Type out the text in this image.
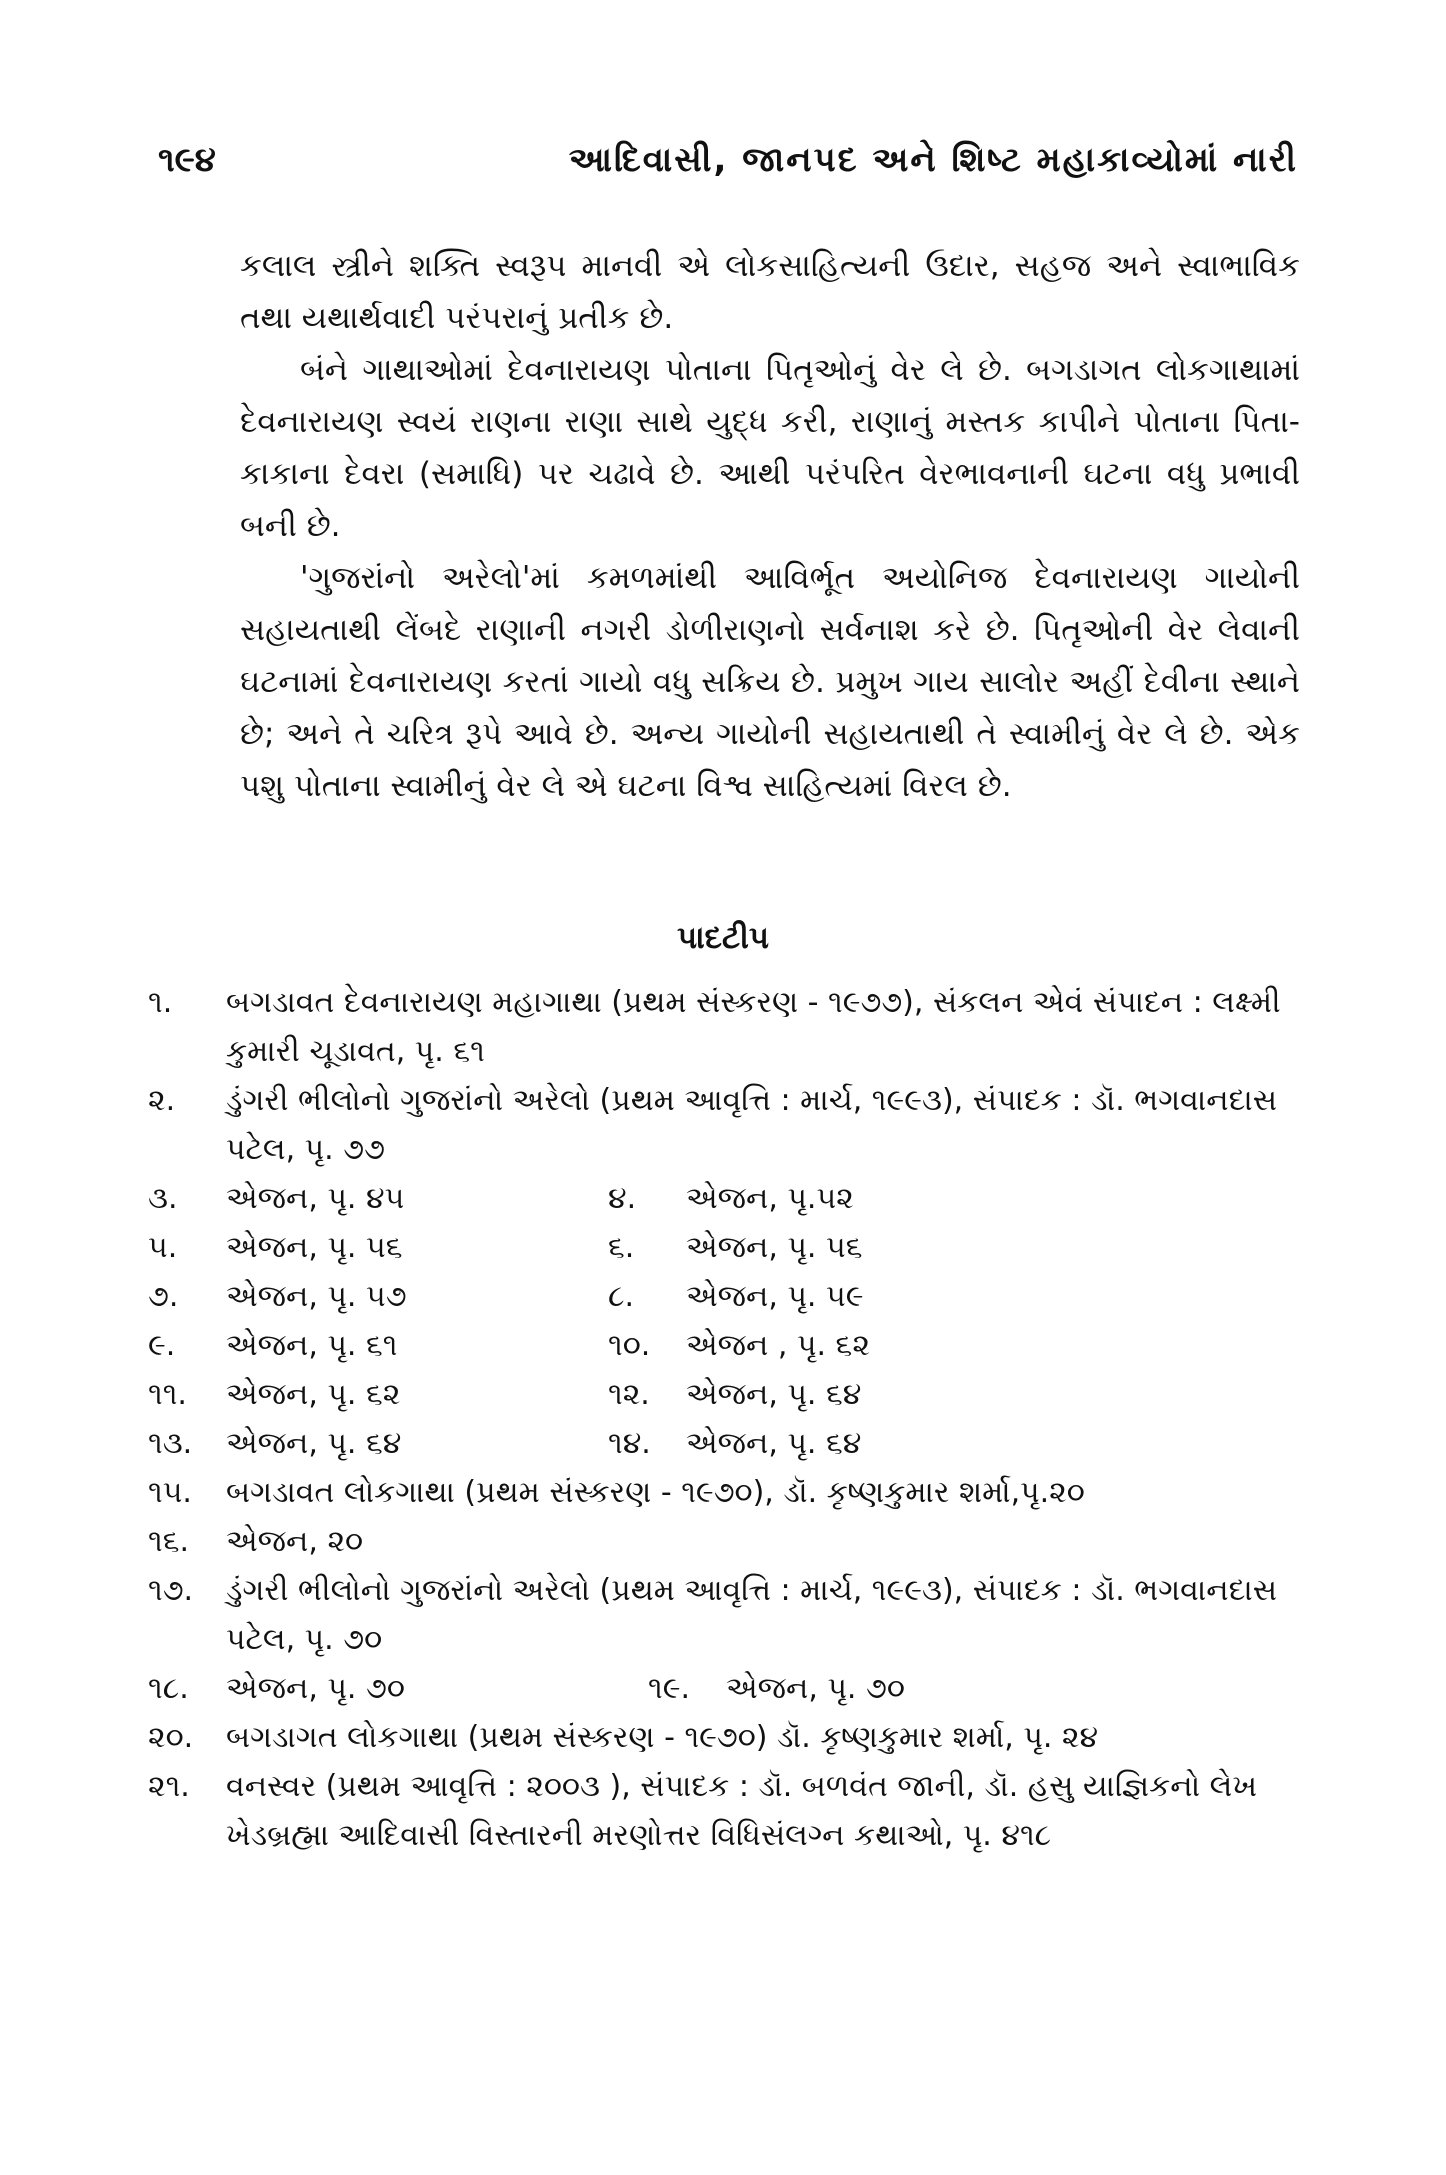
૧૯૪	આદિવાસી, જાનપદ અને શિષ્ટ મહાકાવ્યોમાં નારી

કલાલ સ્ત્રીને શક્તિ સ્વરૂપ માનવી એ લોકસાહિત્યની ઉદાર, સહજ અને સ્વાભાવિક તથા યથાર્થવાદી પરંપરાનું પ્રતીક છે.

બંને ગાથાઓમાં દેવનારાયણ પોતાના પિતૃઓનું વેર લે છે. બગડાગત લોકગાથામાં દેવનારાયણ સ્વયં રાણના રાણા સાથે યુદ્ધ કરી, રાણાનું મસ્તક કાપીને પોતાના પિતા-કાકાના દેવરા (સમાધિ) પર ચઢાવે છે. આથી પરંપરિત વેરભાવનાની ઘટના વધુ પ્રભાવી બની છે.

'ગુજરાંનો અરેલો'માં કમળમાંથી આવિર્ભૂત અયોનિજ દેવનારાયણ ગાયોની સહાયતાથી લેંબદે રાણાની નગરી ડોળીરાણનો સર્વનાશ કરે છે. પિતૃઓની વેર લેવાની ઘટનામાં દેવનારાયણ કરતાં ગાયો વધુ સક્રિય છે. પ્રમુખ ગાય સાલોર અહીં દેવીના સ્થાને છે; અને તે ચરિત્ર રૂપે આવે છે. અન્ય ગાયોની સહાયતાથી તે સ્વામીનું વેર લે છે. એક પશુ પોતાના સ્વામીનું વેર લે એ ઘટના વિશ્વ સાહિત્યમાં વિરલ છે.

પાદટીપ
૧.	બગડાવત દેવનારાયણ મહાગાથા (પ્રથમ સંસ્કરણ - ૧૯૭૭), સંકલન એવં સંપાદન : લક્ષ્મી કુમારી ચૂડાવત, પૃ. ૬૧
૨.	ડુંગરી ભીલોનો ગુજરાંનો અરેલો (પ્રથમ આવૃત્તિ : માર્ચ, ૧૯૯૩), સંપાદક : ડૉ. ભગવાનદાસ પટેલ, પૃ. ૭૭
૩.	એજન, પૃ. ૪૫	૪.	એજન, પૃ.૫૨
૫.	એજન, પૃ. ૫૬	૬.	એજન, પૃ. ૫૬
૭.	એજન, પૃ. ૫૭	૮.	એજન, પૃ. ૫૯
૯.	એજન, પૃ. ૬૧	૧૦.	એજન , પૃ. ૬૨
૧૧.	એજન, પૃ. ૬૨	૧૨.	એજન, પૃ. ૬૪
૧૩.	એજન, પૃ. ૬૪	૧૪.	એજન, પૃ. ૬૪
૧૫.	બગડાવત લોકગાથા (પ્રથમ સંસ્કરણ - ૧૯૭૦), ડૉ. કૃષ્ણકુમાર શર્મા,પૃ.૨૦
૧૬.	એજન, ૨૦
૧૭.	ડુંગરી ભીલોનો ગુજરાંનો અરેલો (પ્રથમ આવૃત્તિ : માર્ચ, ૧૯૯૩), સંપાદક : ડૉ. ભગવાનદાસ પટેલ, પૃ. ૭૦
૧૮.	એજન, પૃ. ૭૦	૧૯.	એજન, પૃ. ૭૦
૨૦.	બગડાગત લોકગાથા (પ્રથમ સંસ્કરણ - ૧૯૭૦) ડૉ. કૃષ્ણકુમાર શર્મા, પૃ. ૨૪
૨૧.	વનસ્વર (પ્રથમ આવૃત્તિ : ૨૦૦૩ ), સંપાદક : ડૉ. બળવંત જાની, ડૉ. હસુ યાજ્ઞિકનો લેખ ખેડબ્રહ્મા આદિવાસી વિસ્તારની મરણોત્તર વિધિસંલગ્ન કથાઓ, પૃ. ૪૧૮
